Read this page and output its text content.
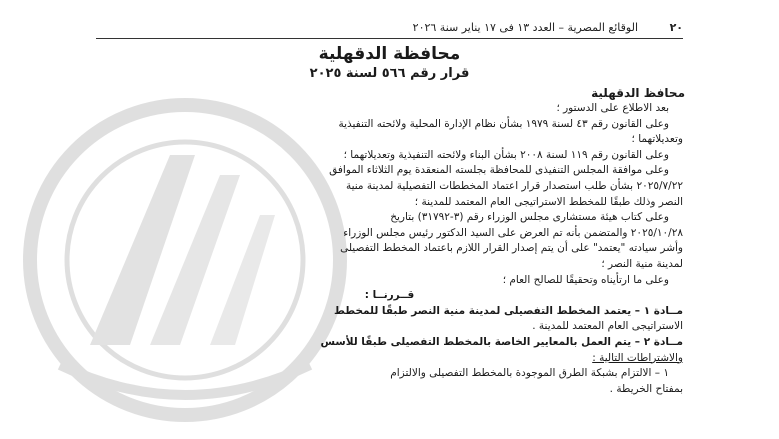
٢٠
الوقائع المصرية – العدد ١٣ فى ١٧ يناير سنة ٢٠٢٦
محافظة الدقهلية
قرار رقم ٥٦٦ لسنة ٢٠٢٥
محافظ الدقهلية

بعد الاطلاع على الدستور ؛

وعلى القانون رقم ٤٣ لسنة ١٩٧٩ بشأن نظام الإدارة المحلية ولائحته التنفيذية

وتعديلاتهما ؛

وعلى القانون رقم ١١٩ لسنة ٢٠٠٨ بشأن البناء ولائحته التنفيذية وتعديلاتهما ؛

وعلى موافقة المجلس التنفيذى للمحافظة بجلسته المنعقدة يوم الثلاثاء الموافق

٢٠٢٥/٧/٢٢ بشأن طلب استصدار قرار اعتماد المخططات التفصيلية لمدينة منية

النصر وذلك طبقًا للمخطط الاستراتيجى العام المعتمد للمدينة ؛

وعلى كتاب هيئة مستشارى مجلس الوزراء رقم (٣-٣١٧٩٢) بتاريخ

٢٠٢٥/١٠/٢٨ والمتضمن بأنه تم العرض على السيد الدكتور رئيس مجلس الوزراء

وأشر سيادته "يعتمد" على أن يتم إصدار القرار اللازم باعتماد المخطط التفصيلى

لمدينة منية النصر ؛

وعلى ما ارتأيناه وتحقيقًا للصالح العام ؛

قــررنــا :

مــادة ١ – يعتمد المخطط التفصيلى لمدينة منية النصر طبقًا للمخطط

الاستراتيجى العام المعتمد للمدينة .

مــادة ٢ – يتم العمل بالمعايير الخاصة بالمخطط التفصيلى طبقًا للأسس

والاشتراطات التالية :

١ – الالتزام بشبكة الطرق الموجودة بالمخطط التفصيلى والالتزام

بمفتاح الخريطة .
